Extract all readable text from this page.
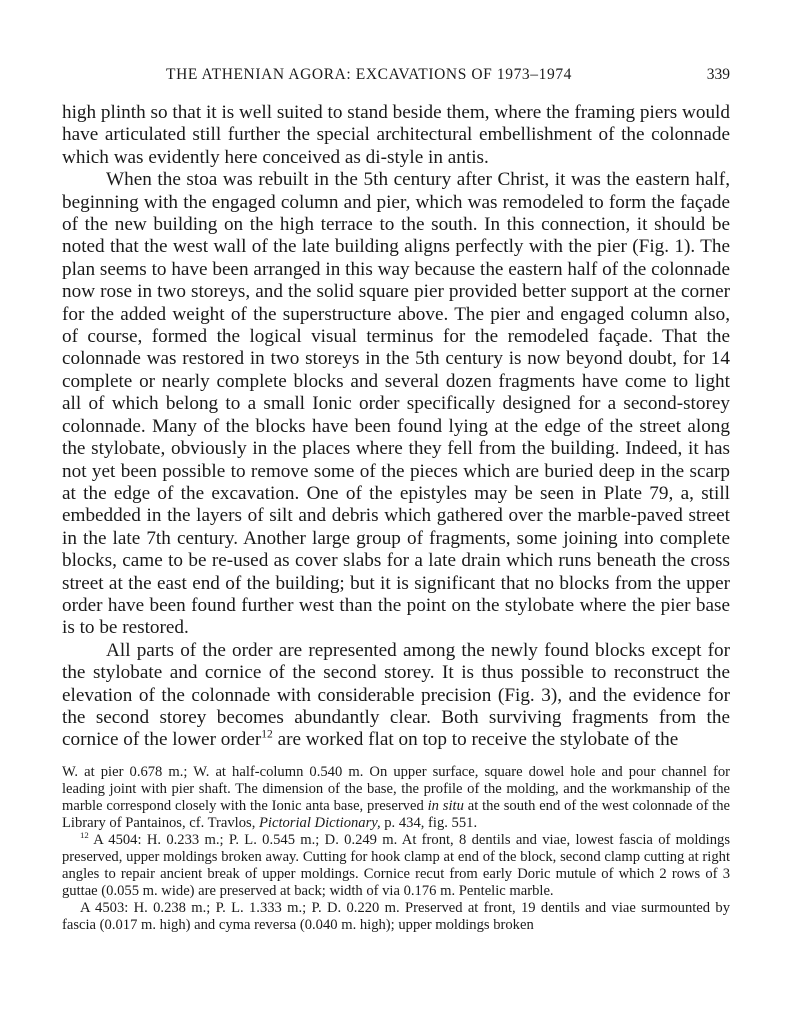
THE ATHENIAN AGORA: EXCAVATIONS OF 1973–1974	339

high plinth so that it is well suited to stand beside them, where the framing piers would have articulated still further the special architectural embellishment of the colonnade which was evidently here conceived as di-style in antis.

When the stoa was rebuilt in the 5th century after Christ, it was the eastern half, beginning with the engaged column and pier, which was remodeled to form the façade of the new building on the high terrace to the south. In this connection, it should be noted that the west wall of the late building aligns perfectly with the pier (Fig. 1). The plan seems to have been arranged in this way because the eastern half of the colonnade now rose in two storeys, and the solid square pier provided better support at the corner for the added weight of the superstructure above. The pier and engaged column also, of course, formed the logical visual terminus for the remodeled façade. That the colonnade was restored in two storeys in the 5th century is now beyond doubt, for 14 complete or nearly complete blocks and several dozen fragments have come to light all of which belong to a small Ionic order specifically designed for a second-storey colonnade. Many of the blocks have been found lying at the edge of the street along the stylobate, obviously in the places where they fell from the building. Indeed, it has not yet been possible to remove some of the pieces which are buried deep in the scarp at the edge of the excavation. One of the epistyles may be seen in Plate 79, a, still embedded in the layers of silt and debris which gathered over the marble-paved street in the late 7th century. Another large group of fragments, some joining into complete blocks, came to be re-used as cover slabs for a late drain which runs beneath the cross street at the east end of the building; but it is significant that no blocks from the upper order have been found further west than the point on the stylobate where the pier base is to be restored.

All parts of the order are represented among the newly found blocks except for the stylobate and cornice of the second storey. It is thus possible to reconstruct the elevation of the colonnade with considerable precision (Fig. 3), and the evidence for the second storey becomes abundantly clear. Both surviving fragments from the cornice of the lower order$^{12}$ are worked flat on top to receive the stylobate of the

W. at pier 0.678 m.; W. at half-column 0.540 m. On upper surface, square dowel hole and pour channel for leading joint with pier shaft. The dimension of the base, the profile of the molding, and the workmanship of the marble correspond closely with the Ionic anta base, preserved in situ at the south end of the west colonnade of the Library of Pantainos, cf. Travlos, Pictorial Dictionary, p. 434, fig. 551.

$^{12}$ A 4504: H. 0.233 m.; P. L. 0.545 m.; D. 0.249 m. At front, 8 dentils and viae, lowest fascia of moldings preserved, upper moldings broken away. Cutting for hook clamp at end of the block, second clamp cutting at right angles to repair ancient break of upper moldings. Cornice recut from early Doric mutule of which 2 rows of 3 guttae (0.055 m. wide) are preserved at back; width of via 0.176 m. Pentelic marble.

A 4503: H. 0.238 m.; P. L. 1.333 m.; P. D. 0.220 m. Preserved at front, 19 dentils and viae surmounted by fascia (0.017 m. high) and cyma reversa (0.040 m. high); upper moldings broken
